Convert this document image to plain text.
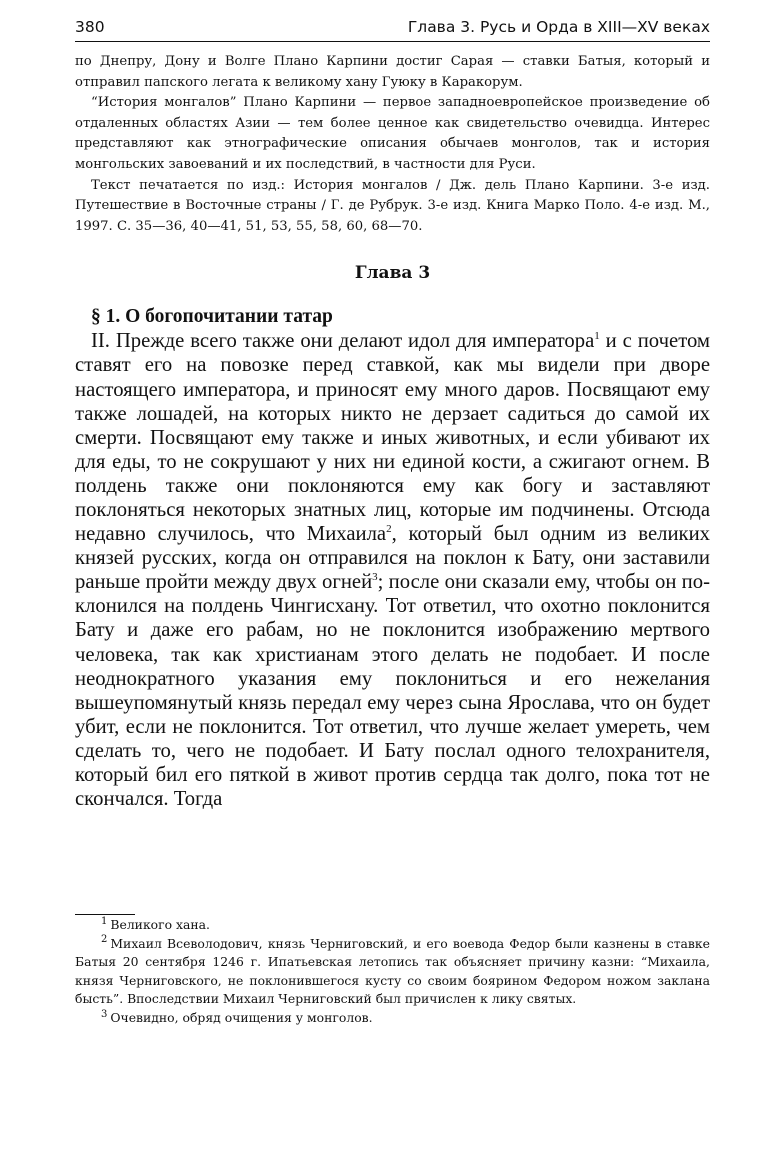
380	Глава 3. Русь и Орда в XIII—XV веках

по Днепру, Дону и Волге Плано Карпини достиг Сарая — ставки Батыя, который и отправил папского легата к великому хану Гуюку в Каракорум.

“История монгалов” Плано Карпини — первое западноевропейское произведение об отдаленных областях Азии — тем более ценное как свидетельство очевидца. Интерес представляют как этнографические описания обычаев монголов, так и история монгольских завоеваний и их последствий, в частности для Руси.

Текст печатается по изд.: История монгалов / Дж. дель Плано Карпини. 3-е изд. Путешествие в Восточные страны / Г. де Рубрук. 3-е изд. Книга Марко Поло. 4-е изд. М., 1997. С. 35—36, 40—41, 51, 53, 55, 58, 60, 68—70.

Глава 3
§ 1. О богопочитании татар

II. Прежде всего также они делают идол для императора$^1$ и с почетом ставят его на повозке перед ставкой, как мы видели при дворе настоящего императора, и приносят ему много даров. Посвящают ему также лошадей, на которых никто не дерзает садиться до самой их смерти. Посвящают ему также и иных животных, и если убивают их для еды, то не сокрушают у них ни единой кости, а сжигают огнем. В полдень также они поклоняются ему как богу и заставляют поклоняться некоторых знатных лиц, которые им подчинены. Отсюда недавно случилось, что Михаила$^2$, который был одним из великих князей русских, когда он отправился на поклон к Бату, они заставили раньше пройти между двух огней$^3$; после они сказали ему, чтобы он поклонился на полдень Чингисхану. Тот ответил, что охотно поклонится Бату и даже его рабам, но не поклонится изображению мертвого человека, так как христианам этого делать не подобает. И после неоднократного указания ему поклониться и его нежелания вышеупомянутый князь передал ему через сына Ярослава, что он будет убит, если не поклонится. Тот ответил, что лучше желает умереть, чем сделать то, чего не подобает. И Бату послал одного телохранителя, который бил его пяткой в живот против сердца так долго, пока тот не скончался. Тогда

$^1$ Великого хана.

$^2$ Михаил Всеволодович, князь Черниговский, и его воевода Федор были казнены в ставке Батыя 20 сентября 1246 г. Ипатьевская летопись так объясняет причину казни: “Михаила, князя Черниговского, не поклонившегося кусту со своим боярином Федором ножом заклана бысть”. Впоследствии Михаил Черниговский был причислен к лику святых.

$^3$ Очевидно, обряд очищения у монголов.
